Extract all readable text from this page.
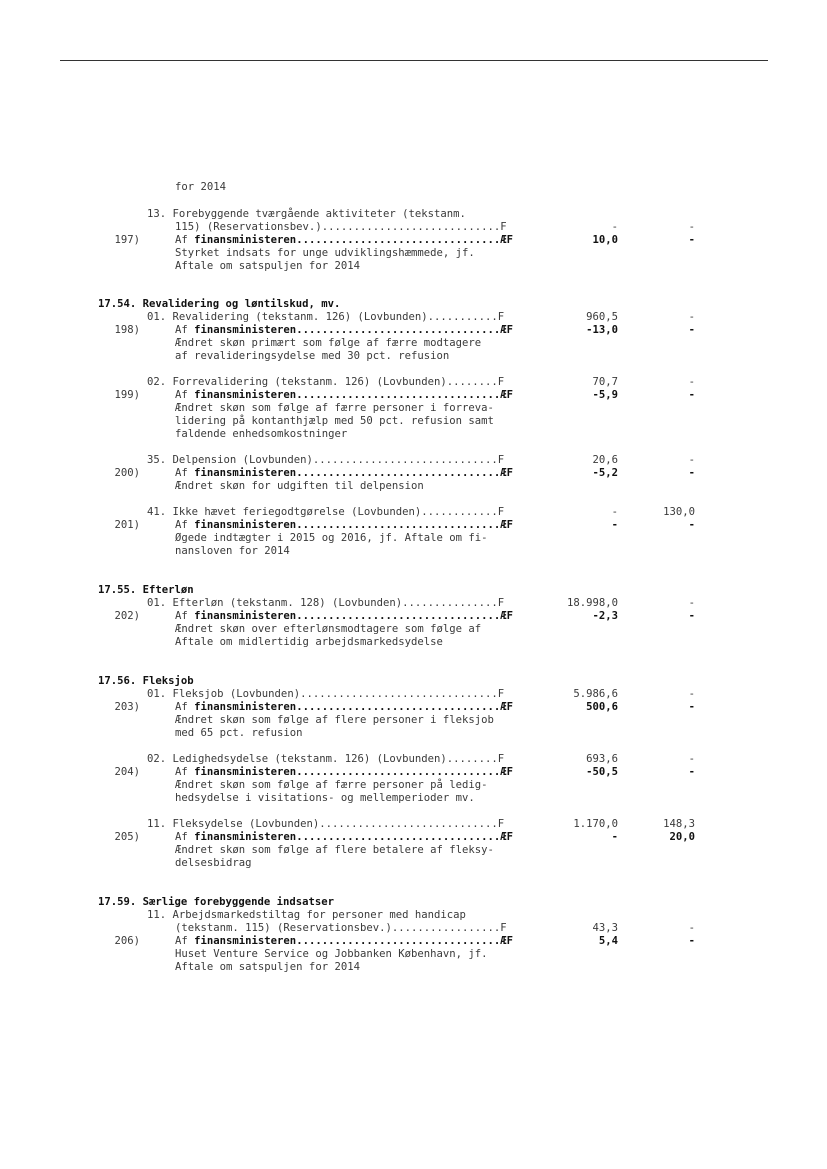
for 2014
13. Forebyggende tværgående aktiviteter (tekstanm.
115) (Reservationsbev.)............................F	-	-
197)	Af finansministeren................................ÆF	10,0	-
Styrket indsats for unge udviklingshæmmede, jf.
Aftale om satspuljen for 2014
17.54. Revalidering og løntilskud, mv.
01. Revalidering (tekstanm. 126) (Lovbunden)...........F	960,5	-
198)	Af finansministeren................................ÆF	-13,0	-
Ændret skøn primært som følge af færre modtagere
af revalideringsydelse med 30 pct. refusion
02. Forrevalidering (tekstanm. 126) (Lovbunden)........F	70,7	-
199)	Af finansministeren................................ÆF	-5,9	-
Ændret skøn som følge af færre personer i forreva-
lidering på kontanthjælp med 50 pct. refusion samt
faldende enhedsomkostninger
35. Delpension (Lovbunden).............................F	20,6	-
200)	Af finansministeren................................ÆF	-5,2	-
Ændret skøn for udgiften til delpension
41. Ikke hævet feriegodtgørelse (Lovbunden)............F	-	130,0
201)	Af finansministeren................................ÆF	-	-
Øgede indtægter i 2015 og 2016, jf. Aftale om fi-
nansloven for 2014
17.55. Efterløn
01. Efterløn (tekstanm. 128) (Lovbunden)...............F	18.998,0	-
202)	Af finansministeren................................ÆF	-2,3	-
Ændret skøn over efterlønsmodtagere som følge af
Aftale om midlertidig arbejdsmarkedsydelse
17.56. Fleksjob
01. Fleksjob (Lovbunden)...............................F	5.986,6	-
203)	Af finansministeren................................ÆF	500,6	-
Ændret skøn som følge af flere personer i fleksjob
med 65 pct. refusion
02. Ledighedsydelse (tekstanm. 126) (Lovbunden)........F	693,6	-
204)	Af finansministeren................................ÆF	-50,5	-
Ændret skøn som følge af færre personer på ledig-
hedsydelse i visitations- og mellemperioder mv.
11. Fleksydelse (Lovbunden)............................F	1.170,0	148,3
205)	Af finansministeren................................ÆF	-	20,0
Ændret skøn som følge af flere betalere af fleksy-
delsesbidrag
17.59. Særlige forebyggende indsatser
11. Arbejdsmarkedstiltag for personer med handicap
(tekstanm. 115) (Reservationsbev.).................F	43,3	-
206)	Af finansministeren................................ÆF	5,4	-
Huset Venture Service og Jobbanken København, jf.
Aftale om satspuljen for 2014
